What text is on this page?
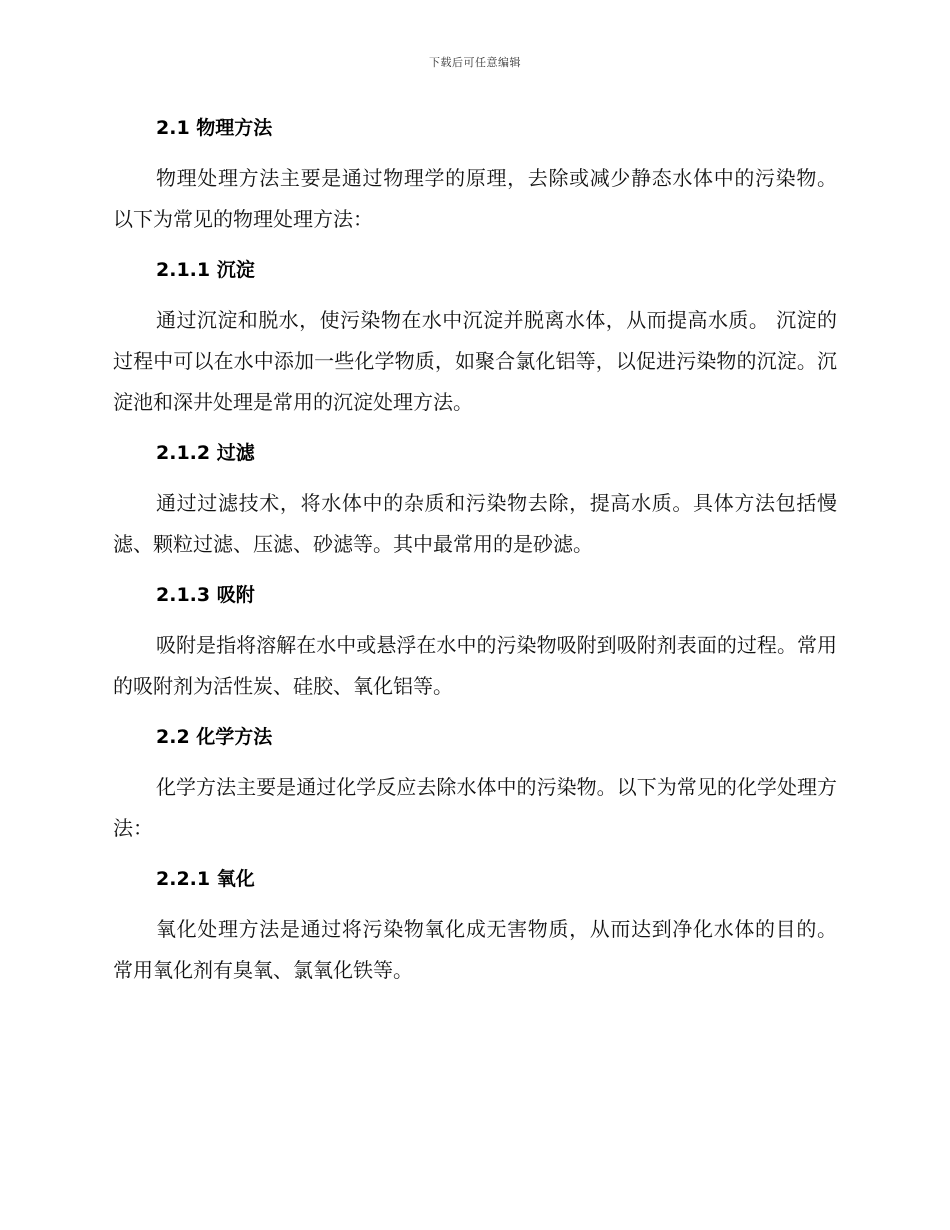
下载后可任意编辑
2.1 物理方法

物理处理方法主要是通过物理学的原理，去除或减少静态水体中的污染物。 以下为常见的物理处理方法：

2.1.1 沉淀

通过沉淀和脱水，使污染物在水中沉淀并脱离水体，从而提高水质。 沉淀的过程中可以在水中添加一些化学物质，如聚合氯化铝等，以促进污染物的沉淀。沉淀池和深井处理是常用的沉淀处理方法。

2.1.2 过滤

通过过滤技术，将水体中的杂质和污染物去除，提高水质。具体方法包括慢滤、颗粒过滤、压滤、砂滤等。其中最常用的是砂滤。

2.1.3 吸附

吸附是指将溶解在水中或悬浮在水中的污染物吸附到吸附剂表面的过程。常用的吸附剂为活性炭、硅胶、氧化铝等。

2.2 化学方法

化学方法主要是通过化学反应去除水体中的污染物。以下为常见的化学处理方法：

2.2.1 氧化

氧化处理方法是通过将污染物氧化成无害物质，从而达到净化水体的目的。 常用氧化剂有臭氧、氯氧化铁等。
